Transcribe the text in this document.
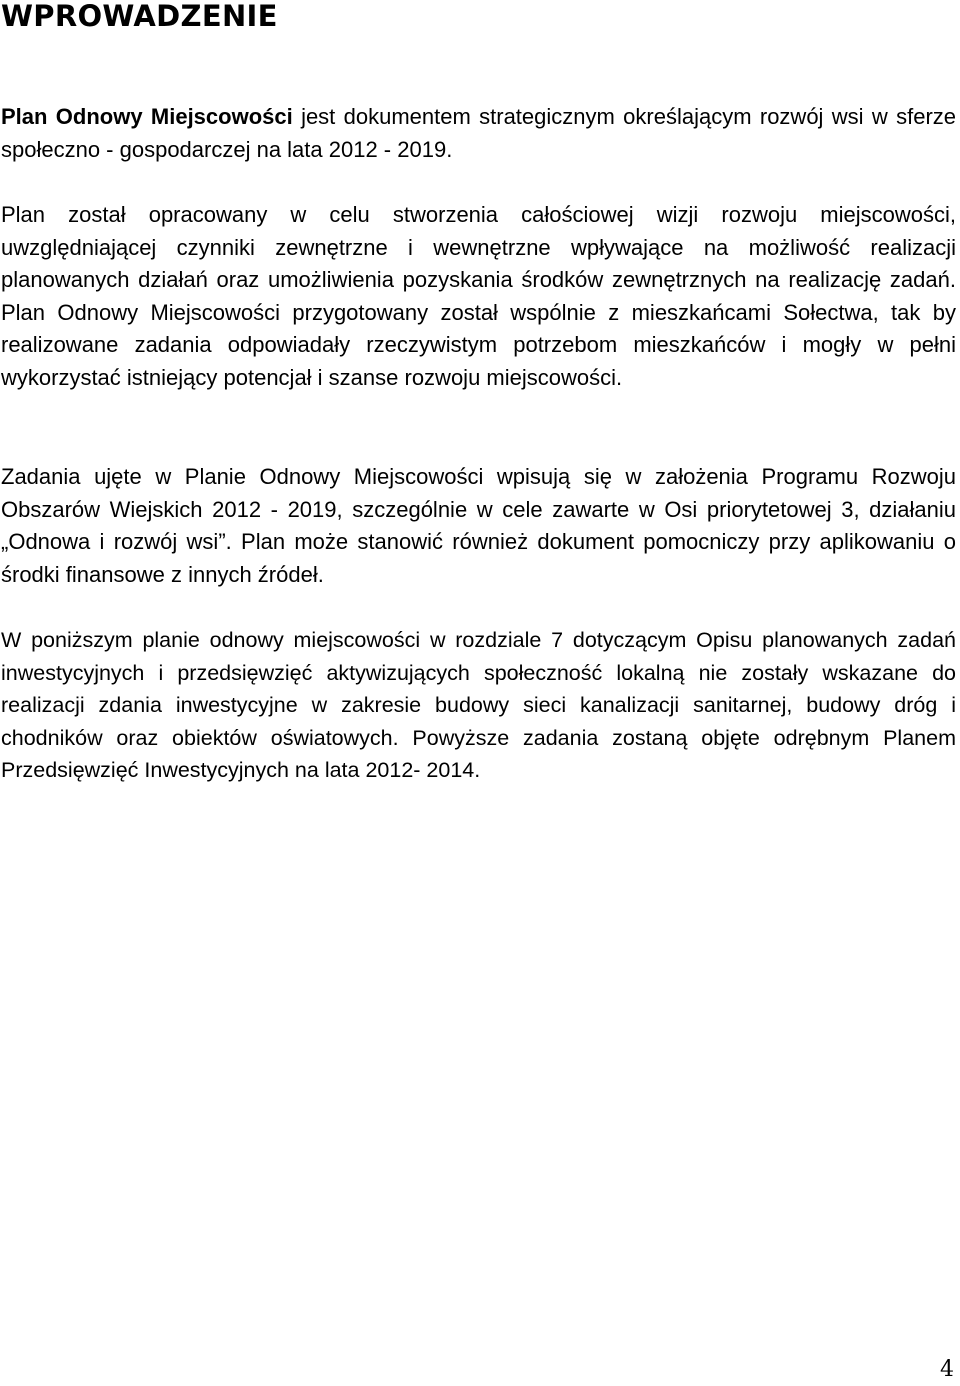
WPROWADZENIE

Plan Odnowy Miejscowości jest dokumentem strategicznym określającym rozwój wsi w sferze społeczno - gospodarczej na lata 2012 - 2019.

Plan został opracowany w celu stworzenia całościowej wizji rozwoju miejscowości, uwzględniającej czynniki zewnętrzne i wewnętrzne wpływające na możliwość realizacji planowanych działań oraz umożliwienia pozyskania środków zewnętrznych na realizację zadań. Plan Odnowy Miejscowości przygotowany został wspólnie z mieszkańcami Sołectwa, tak by realizowane zadania odpowiadały rzeczywistym potrzebom mieszkańców i mogły w pełni wykorzystać istniejący potencjał i szanse rozwoju miejscowości.

Zadania ujęte w Planie Odnowy Miejscowości wpisują się w założenia Programu Rozwoju Obszarów Wiejskich 2012 - 2019, szczególnie w cele zawarte w Osi priorytetowej 3, działaniu „Odnowa i rozwój wsi”. Plan może stanowić również dokument pomocniczy przy aplikowaniu o środki finansowe z innych źródeł.

W poniższym planie odnowy miejscowości w rozdziale 7 dotyczącym Opisu planowanych zadań inwestycyjnych i przedsięwzięć aktywizujących społeczność lokalną nie zostały wskazane do realizacji zdania inwestycyjne w zakresie budowy sieci kanalizacji sanitarnej, budowy dróg i chodników oraz obiektów oświatowych. Powyższe zadania zostaną objęte odrębnym Planem Przedsięwzięć Inwestycyjnych na lata 2012- 2014.

4
